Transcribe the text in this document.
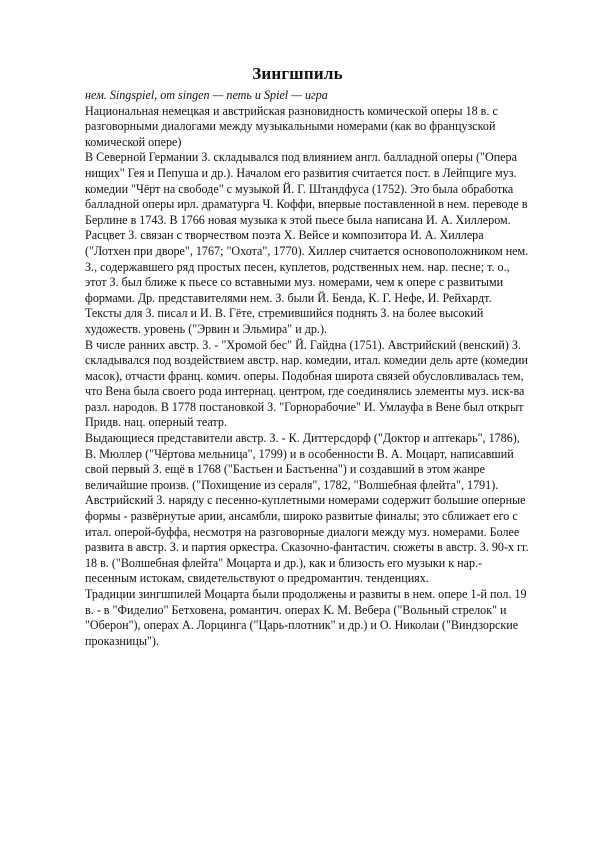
Зингшпиль
нем. Singspiel, от singen — петь и Spiel — игра

Национальная немецкая и австрийская разновидность комической оперы 18 в. с разговорными диалогами между музыкальными номерами (как во французской комической опере)

В Северной Германии З. складывался под влиянием англ. балладной оперы ("Опера нищих" Гея и Пепуша и др.). Началом его развития считается пост. в Лейпциге муз. комедии "Чёрт на свободе" с музыкой Й. Г. Штандфуса (1752). Это была обработка балладной оперы ирл. драматурга Ч. Коффи, впервые поставленной в нем. переводе в Берлине в 1743. В 1766 новая музыка к этой пьесе была написана И. А. Хиллером.

Расцвет З. связан с творчеством поэта Х. Вейсе и композитора И. А. Хиллера ("Лотхен при дворе", 1767; "Охота", 1770). Хиллер считается основоположником нем. З., содержавшего ряд простых песен, куплетов, родственных нем. нар. песне; т. о., этот З. был ближе к пьесе со вставными муз. номерами, чем к опере с развитыми формами. Др. представителями нем. З. были Й. Бенда, К. Г. Нефе, И. Рейхардт. Тексты для З. писал и И. В. Гёте, стремившийся поднять З. на более высокий художеств. уровень ("Эрвин и Эльмира" и др.).

В числе ранних австр. З. - "Хромой бес" Й. Гайдна (1751). Австрийский (венский) З. складывался под воздействием австр. нар. комедии, итал. комедии дель арте (комедии масок), отчасти франц. комич. оперы. Подобная широта связей обусловливалась тем, что Вена была своего рода интернац. центром, где соединялись элементы муз. иск-ва разл. народов. В 1778 постановкой З. "Горнорабочие" И. Умлауфа в Вене был открыт Придв. нац. оперный театр.

Выдающиеся представители австр. З. - К. Диттерсдорф ("Доктор и аптекарь", 1786), В. Мюллер ("Чёртова мельница", 1799) и в особенности В. А. Моцарт, написавший свой первый З. ещё в 1768 ("Бастьен и Бастьенна") и создавший в этом жанре величайшие произв. ("Похищение из сераля", 1782, "Волшебная флейта", 1791).

Австрийский З. наряду с песенно-куплетными номерами содержит большие оперные формы - развёрнутые арии, ансамбли, широко развитые финалы; это сближает его с итал. оперой-буффа, несмотря на разговорные диалоги между муз. номерами. Более развита в австр. З. и партия оркестра. Сказочно-фантастич. сюжеты в австр. З. 90-х гг. 18 в. ("Волшебная флейта" Моцарта и др.), как и близость его музыки к нар.-песенным истокам, свидетельствуют о предромантич. тенденциях.

Традиции зингшпилей Моцарта были продолжены и развиты в нем. опере 1-й пол. 19 в. - в "Фиделио" Бетховена, романтич. операх К. М. Вебера ("Вольный стрелок" и "Оберон"), операх А. Лорцинга ("Царь-плотник" и др.) и О. Николаи ("Виндзорские проказницы").
